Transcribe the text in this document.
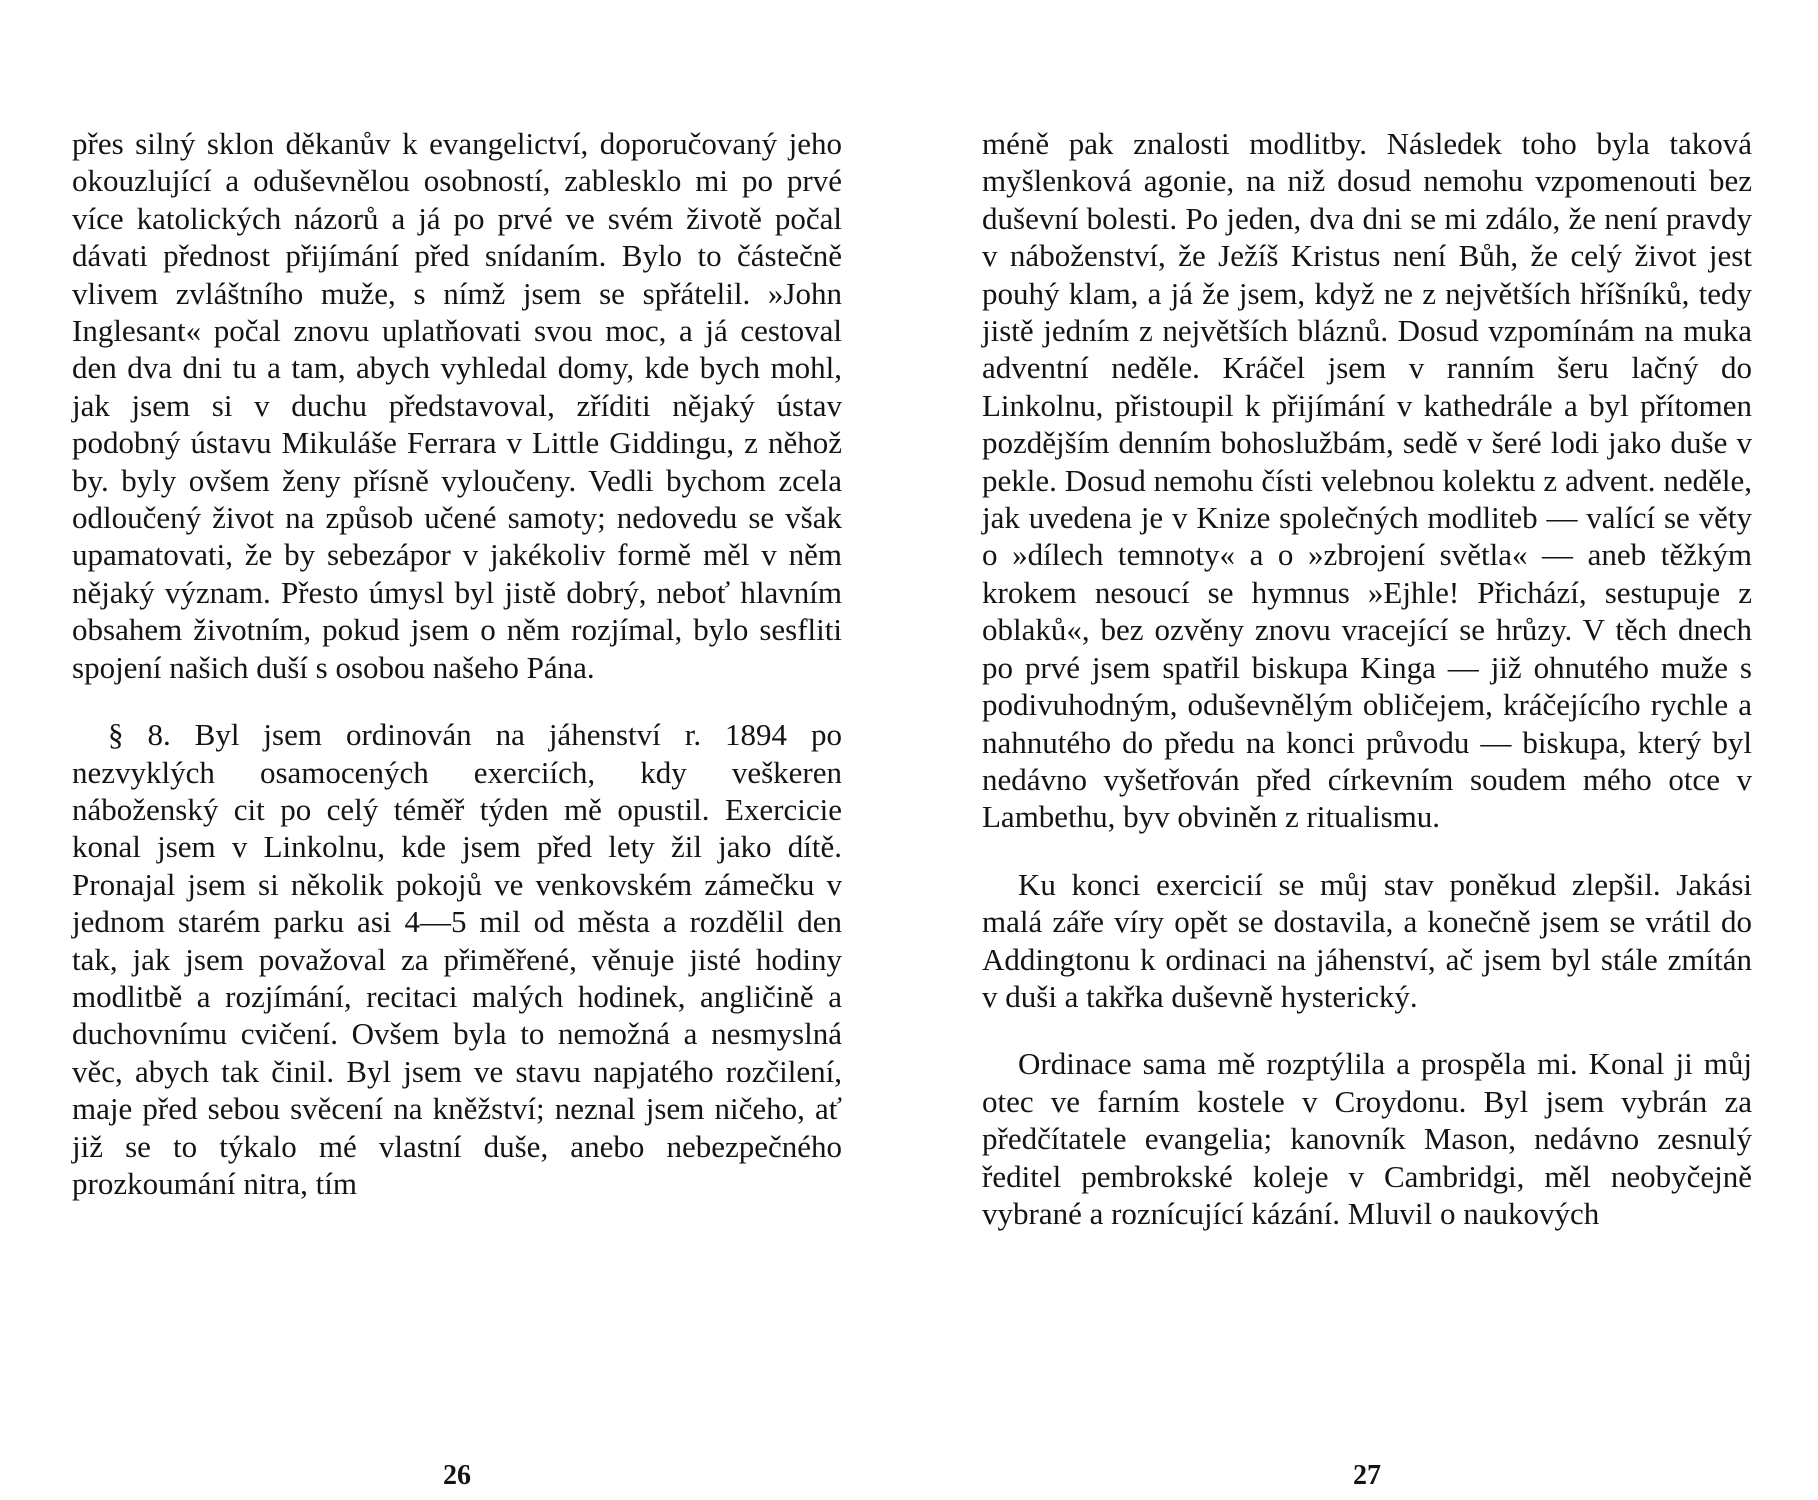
přes silný sklon děkanův k evangelictví, doporučovaný jeho okouzlující a oduševnělou osobností, zablesklo mi po prvé více katolických názorů a já po prvé ve svém životě počal dávati přednost přijímání před snídaním. Bylo to částečně vlivem zvláštního muže, s nímž jsem se spřátelil. »John Inglesant« počal znovu uplatňovati svou moc, a já cestoval den dva dni tu a tam, abych vyhledal domy, kde bych mohl, jak jsem si v duchu představoval, zříditi nějaký ústav podobný ústavu Mikuláše Ferrara v Little Giddingu, z něhož by. byly ovšem ženy přísně vyloučeny. Vedli bychom zcela odloučený život na způsob učené samoty; nedovedu se však upamatovati, že by sebezápor v jakékoliv formě měl v něm nějaký význam. Přesto úmysl byl jistě dobrý, neboť hlavním obsahem životním, pokud jsem o něm rozjímal, bylo sesfliti spojení našich duší s osobou našeho Pána.

§ 8. Byl jsem ordinován na jáhenství r. 1894 po nezvyklých osamocených exerciích, kdy veškeren náboženský cit po celý téměř týden mě opustil. Exercicie konal jsem v Linkolnu, kde jsem před lety žil jako dítě. Pronajal jsem si několik pokojů ve venkovském zámečku v jednom starém parku asi 4—5 mil od města a rozdělil den tak, jak jsem považoval za přiměřené, věnuje jisté hodiny modlitbě a rozjímání, recitaci malých hodinek, angličině a duchovnímu cvičení. Ovšem byla to nemožná a nesmyslná věc, abych tak činil. Byl jsem ve stavu napjatého rozčilení, maje před sebou svěcení na kněžství; neznal jsem ničeho, ať již se to týkalo mé vlastní duše, anebo nebezpečného prozkoumání nitra, tím

26

méně pak znalosti modlitby. Následek toho byla taková myšlenková agonie, na niž dosud nemohu vzpomenouti bez duševní bolesti. Po jeden, dva dni se mi zdálo, že není pravdy v náboženství, že Ježíš Kristus není Bůh, že celý život jest pouhý klam, a já že jsem, když ne z největších hříšníků, tedy jistě jedním z největších bláznů. Dosud vzpomínám na muka adventní neděle. Kráčel jsem v ranním šeru lačný do Linkolnu, přistoupil k přijímání v kathedrále a byl přítomen pozdějším denním bohoslužbám, sedě v šeré lodi jako duše v pekle. Dosud nemohu čísti velebnou kolektu z advent. neděle, jak uvedena je v Knize společných modliteb — valící se věty o »dílech temnoty« a o »zbrojení světla« — aneb těžkým krokem nesoucí se hymnus »Ejhle! Přichází, sestupuje z oblaků«, bez ozvěny znovu vracející se hrůzy. V těch dnech po prvé jsem spatřil biskupa Kinga — již ohnutého muže s podivuhodným, oduševnělým obličejem, kráčejícího rychle a nahnutého do předu na konci průvodu — biskupa, který byl nedávno vyšetřován před církevním soudem mého otce v Lambethu, byv obviněn z ritualismu.

Ku konci exercicií se můj stav poněkud zlepšil. Jakási malá záře víry opět se dostavila, a konečně jsem se vrátil do Addingtonu k ordinaci na jáhenství, ač jsem byl stále zmítán v duši a takřka duševně hysterický.

Ordinace sama mě rozptýlila a prospěla mi. Konal ji můj otec ve farním kostele v Croydonu. Byl jsem vybrán za předčítatele evangelia; kanovník Mason, nedávno zesnulý ředitel pembrokské koleje v Cambridgi, měl neobyčejně vybrané a roznícující kázání. Mluvil o naukových

27
